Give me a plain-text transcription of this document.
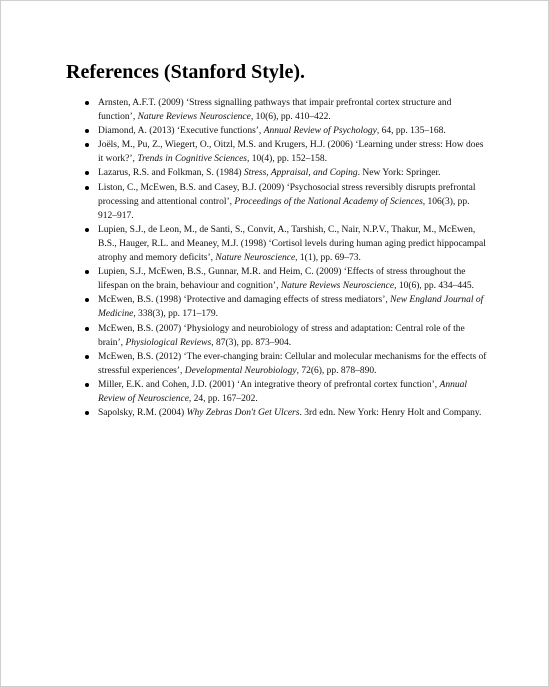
References (Stanford Style).
Arnsten, A.F.T. (2009) ‘Stress signalling pathways that impair prefrontal cortex structure and function’, Nature Reviews Neuroscience, 10(6), pp. 410–422.
Diamond, A. (2013) ‘Executive functions’, Annual Review of Psychology, 64, pp. 135–168.
Joëls, M., Pu, Z., Wiegert, O., Oitzl, M.S. and Krugers, H.J. (2006) ‘Learning under stress: How does it work?’, Trends in Cognitive Sciences, 10(4), pp. 152–158.
Lazarus, R.S. and Folkman, S. (1984) Stress, Appraisal, and Coping. New York: Springer.
Liston, C., McEwen, B.S. and Casey, B.J. (2009) ‘Psychosocial stress reversibly disrupts prefrontal processing and attentional control’, Proceedings of the National Academy of Sciences, 106(3), pp. 912–917.
Lupien, S.J., de Leon, M., de Santi, S., Convit, A., Tarshish, C., Nair, N.P.V., Thakur, M., McEwen, B.S., Hauger, R.L. and Meaney, M.J. (1998) ‘Cortisol levels during human aging predict hippocampal atrophy and memory deficits’, Nature Neuroscience, 1(1), pp. 69–73.
Lupien, S.J., McEwen, B.S., Gunnar, M.R. and Heim, C. (2009) ‘Effects of stress throughout the lifespan on the brain, behaviour and cognition’, Nature Reviews Neuroscience, 10(6), pp. 434–445.
McEwen, B.S. (1998) ‘Protective and damaging effects of stress mediators’, New England Journal of Medicine, 338(3), pp. 171–179.
McEwen, B.S. (2007) ‘Physiology and neurobiology of stress and adaptation: Central role of the brain’, Physiological Reviews, 87(3), pp. 873–904.
McEwen, B.S. (2012) ‘The ever-changing brain: Cellular and molecular mechanisms for the effects of stressful experiences’, Developmental Neurobiology, 72(6), pp. 878–890.
Miller, E.K. and Cohen, J.D. (2001) ‘An integrative theory of prefrontal cortex function’, Annual Review of Neuroscience, 24, pp. 167–202.
Sapolsky, R.M. (2004) Why Zebras Don't Get Ulcers. 3rd edn. New York: Henry Holt and Company.
